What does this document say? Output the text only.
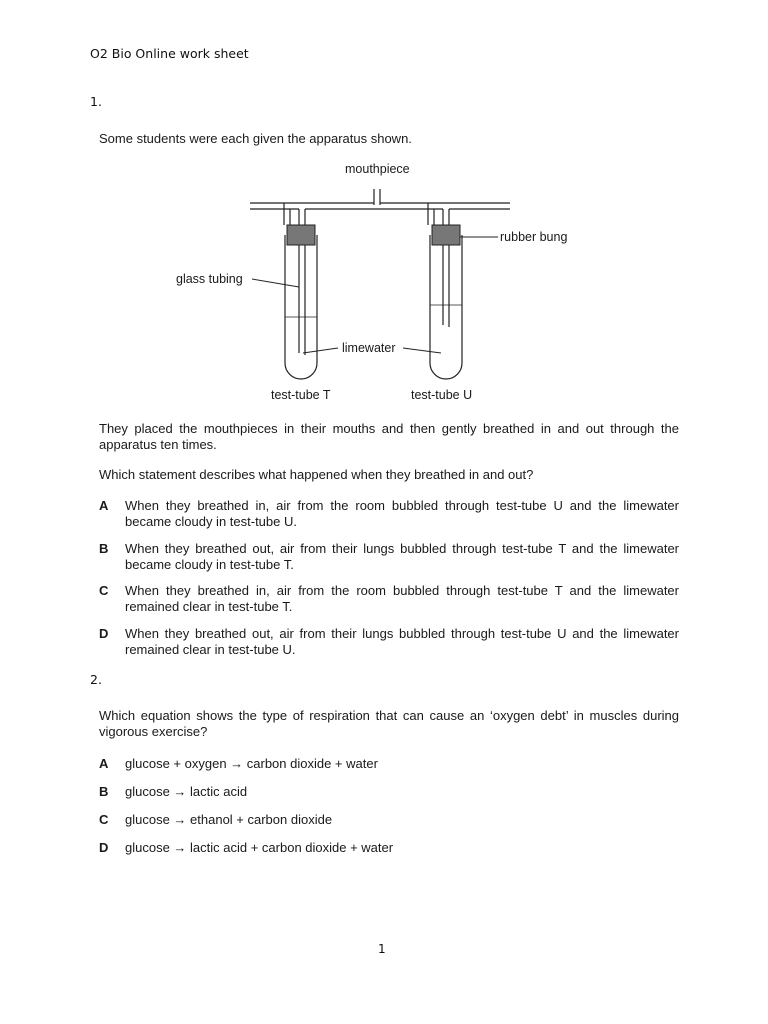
O2 Bio Online work sheet
1.
Some students were each given the apparatus shown.
mouthpiece
rubber bung
glass tubing
limewater
test-tube T	test-tube U
They placed the mouthpieces in their mouths and then gently breathed in and out through the apparatus ten times.
Which statement describes what happened when they breathed in and out?
A When they breathed in, air from the room bubbled through test-tube U and the limewater became cloudy in test-tube U.
B When they breathed out, air from their lungs bubbled through test-tube T and the limewater became cloudy in test-tube T.
C When they breathed in, air from the room bubbled through test-tube T and the limewater remained clear in test-tube T.
D When they breathed out, air from their lungs bubbled through test-tube U and the limewater remained clear in test-tube U.
2.
Which equation shows the type of respiration that can cause an ‘oxygen debt’ in muscles during vigorous exercise?
A glucose + oxygen → carbon dioxide + water
B glucose → lactic acid
C glucose → ethanol + carbon dioxide
D glucose → lactic acid + carbon dioxide + water
1
